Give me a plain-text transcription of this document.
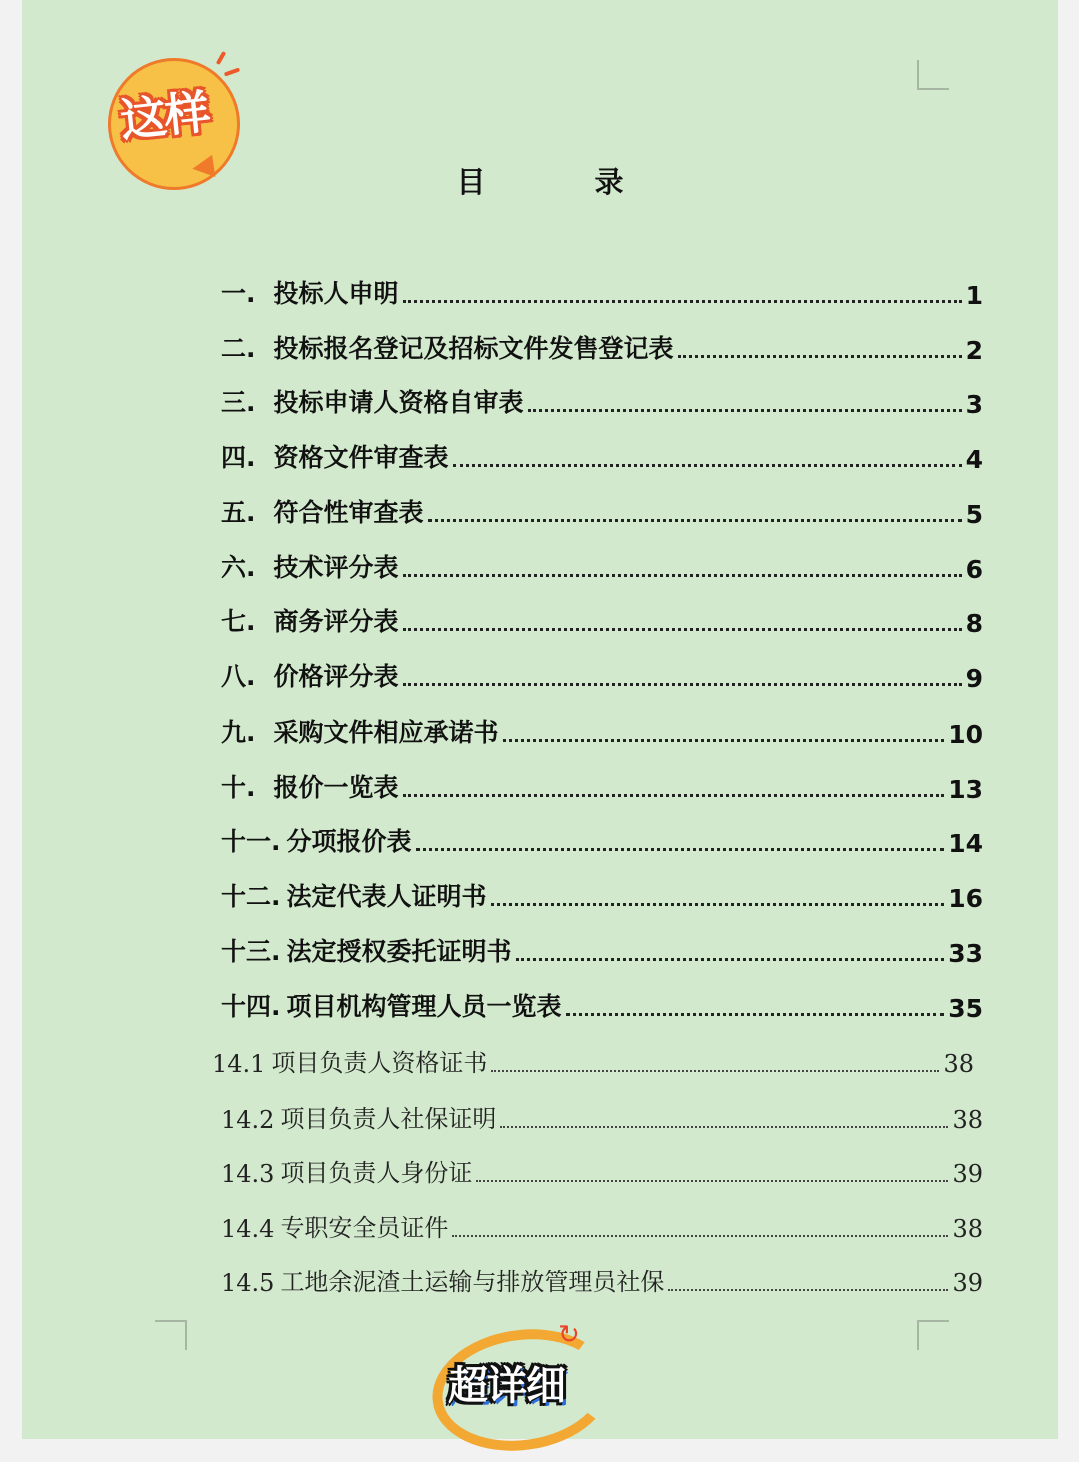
目　录
一. 投标人申明	1
二. 投标报名登记及招标文件发售登记表	2
三. 投标申请人资格自审表	3
四. 资格文件审查表	4
五. 符合性审查表	5
六. 技术评分表	6
七. 商务评分表	8
八. 价格评分表	9
九. 采购文件相应承诺书	10
十. 报价一览表	13
十一. 分项报价表	14
十二. 法定代表人证明书	16
十三. 法定授权委托证明书	33
十四. 项目机构管理人员一览表	35
14.1 项目负责人资格证书	38
14.2 项目负责人社保证明	38
14.3 项目负责人身份证	39
14.4 专职安全员证件	38
14.5 工地余泥渣土运输与排放管理员社保	39
这样
↻
超详细
